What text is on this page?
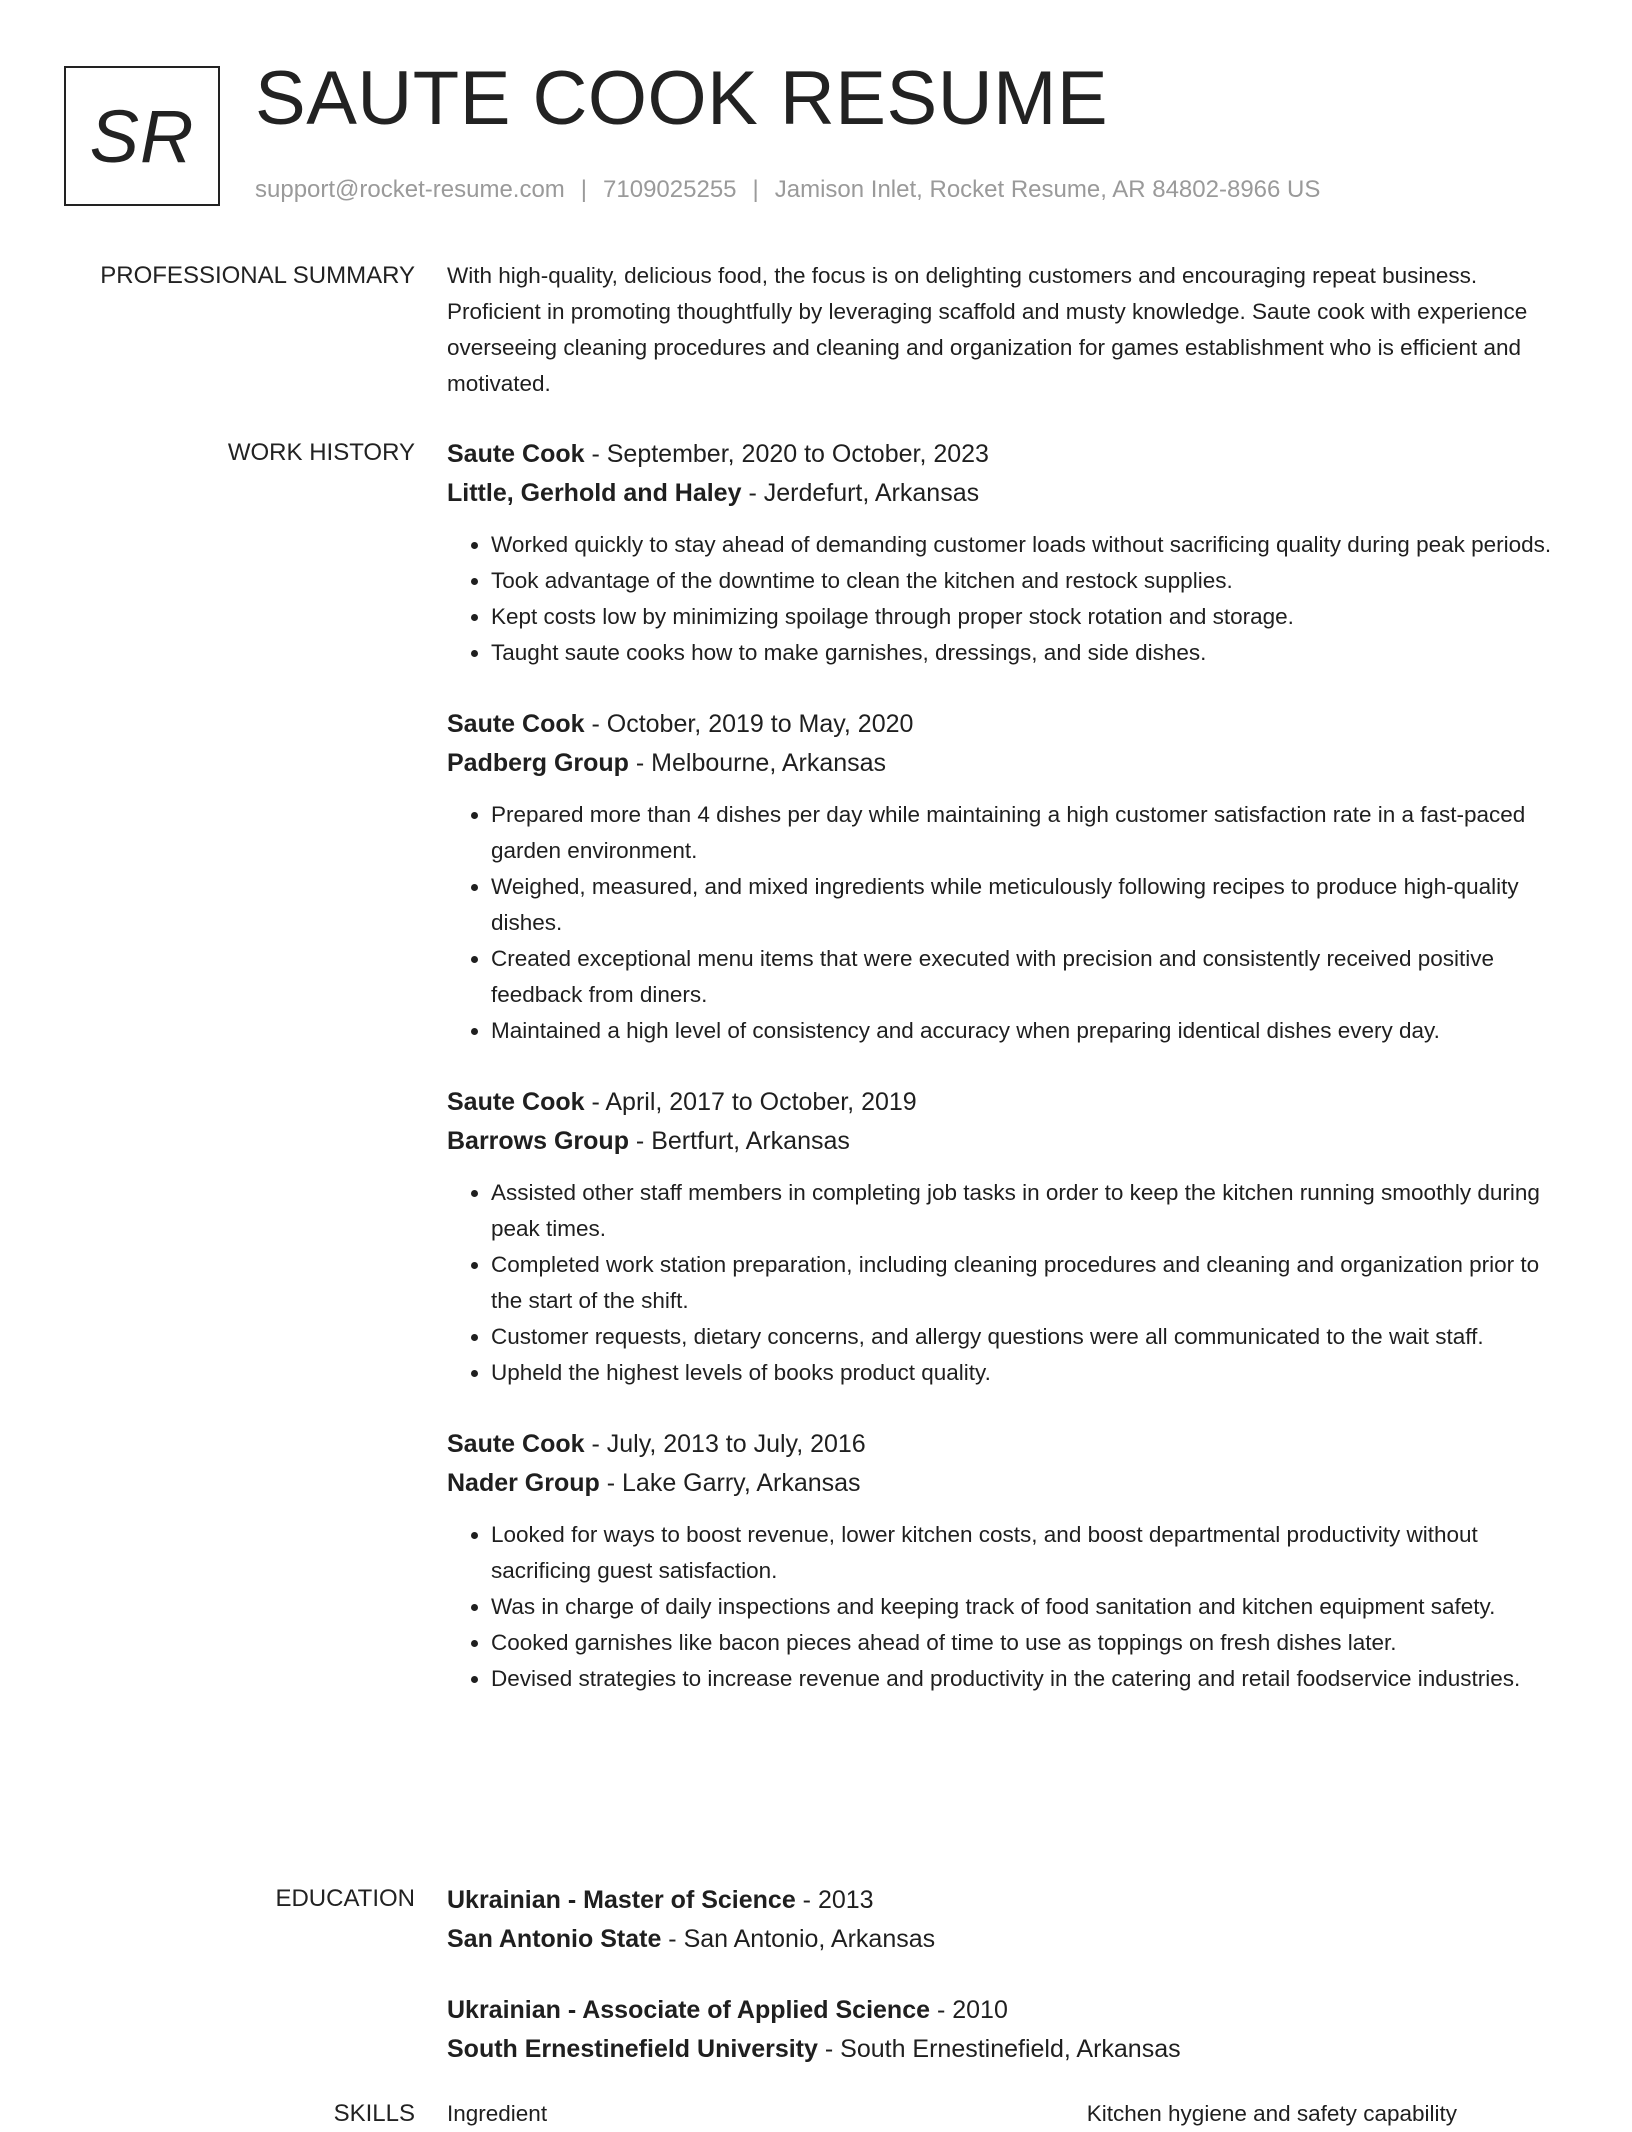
SR SAUTE COOK RESUME
support@rocket-resume.com | 7109025255 | Jamison Inlet, Rocket Resume, AR 84802-8966 US
PROFESSIONAL SUMMARY With high-quality, delicious food, the focus is on delighting customers and encouraging repeat business. Proficient in promoting thoughtfully by leveraging scaffold and musty knowledge. Saute cook with experience overseeing cleaning procedures and cleaning and organization for games establishment who is efficient and motivated.
WORK HISTORY Saute Cook - September, 2020 to October, 2023
Little, Gerhold and Haley - Jerdefurt, Arkansas
• Worked quickly to stay ahead of demanding customer loads without sacrificing quality during peak periods.
• Took advantage of the downtime to clean the kitchen and restock supplies.
• Kept costs low by minimizing spoilage through proper stock rotation and storage.
• Taught saute cooks how to make garnishes, dressings, and side dishes.
Saute Cook - October, 2019 to May, 2020
Padberg Group - Melbourne, Arkansas
• Prepared more than 4 dishes per day while maintaining a high customer satisfaction rate in a fast-paced garden environment.
• Weighed, measured, and mixed ingredients while meticulously following recipes to produce high-quality dishes.
• Created exceptional menu items that were executed with precision and consistently received positive feedback from diners.
• Maintained a high level of consistency and accuracy when preparing identical dishes every day.
Saute Cook - April, 2017 to October, 2019
Barrows Group - Bertfurt, Arkansas
• Assisted other staff members in completing job tasks in order to keep the kitchen running smoothly during peak times.
• Completed work station preparation, including cleaning procedures and cleaning and organization prior to the start of the shift.
• Customer requests, dietary concerns, and allergy questions were all communicated to the wait staff.
• Upheld the highest levels of books product quality.
Saute Cook - July, 2013 to July, 2016
Nader Group - Lake Garry, Arkansas
• Looked for ways to boost revenue, lower kitchen costs, and boost departmental productivity without sacrificing guest satisfaction.
• Was in charge of daily inspections and keeping track of food sanitation and kitchen equipment safety.
• Cooked garnishes like bacon pieces ahead of time to use as toppings on fresh dishes later.
• Devised strategies to increase revenue and productivity in the catering and retail foodservice industries.
EDUCATION Ukrainian - Master of Science - 2013
San Antonio State - San Antonio, Arkansas
Ukrainian - Associate of Applied Science - 2010
South Ernestinefield University - South Ernestinefield, Arkansas
SKILLS Ingredient	Kitchen hygiene and safety capability
